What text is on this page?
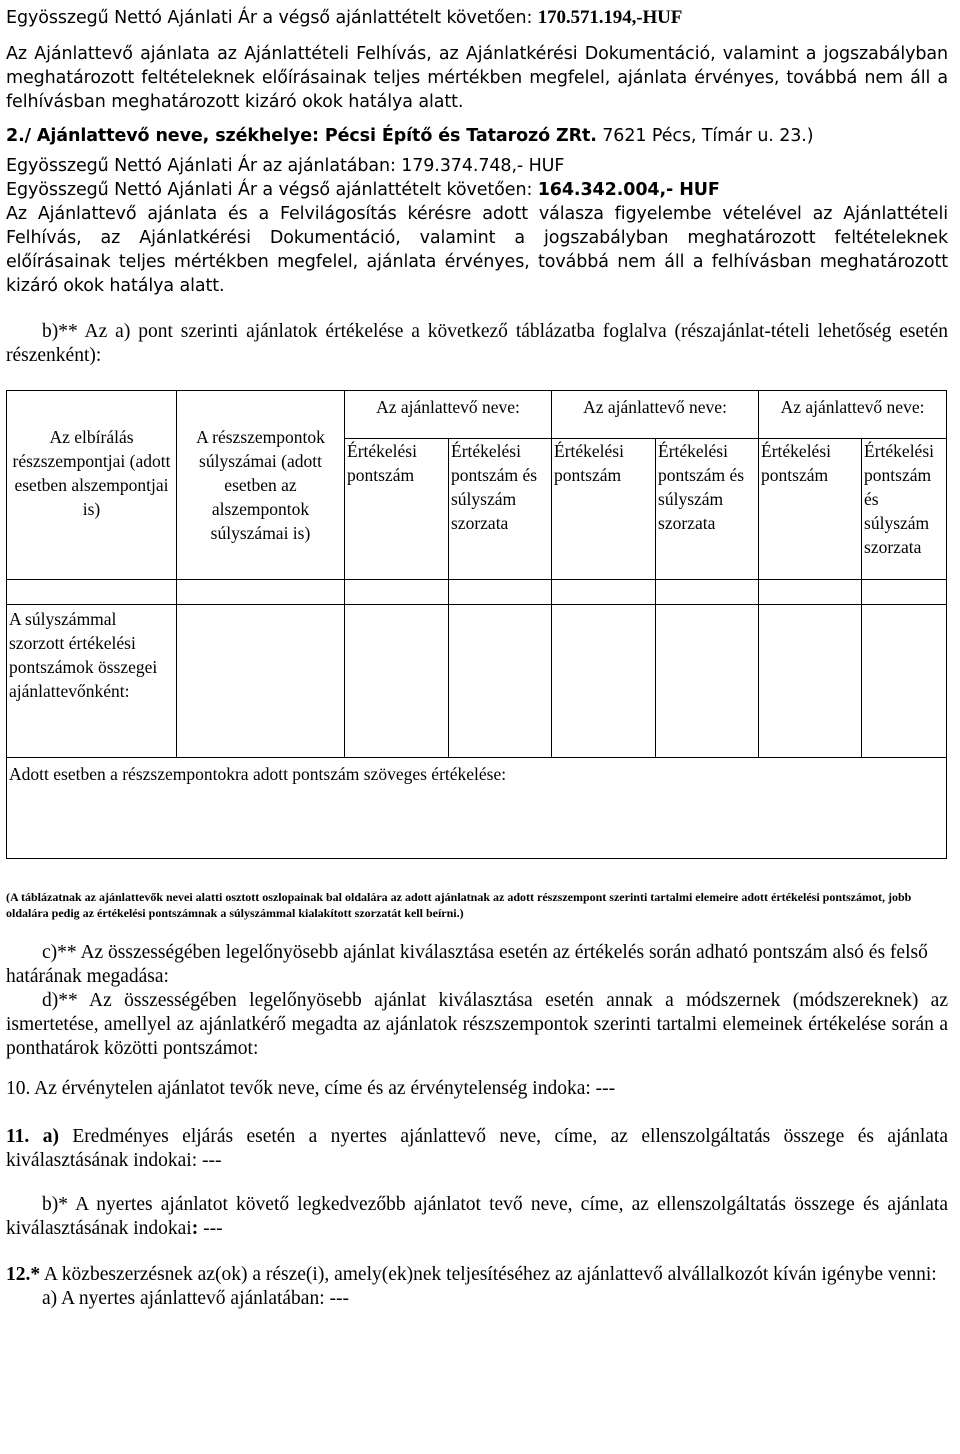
Egyösszegű Nettó Ajánlati Ár a végső ajánlattételt követően: 170.571.194,-HUF

Az Ajánlattevő ajánlata az Ajánlattételi Felhívás, az Ajánlatkérési Dokumentáció, valamint a jogszabályban meghatározott feltételeknek előírásainak teljes mértékben megfelel, ajánlata érvényes, továbbá nem áll a felhívásban meghatározott kizáró okok hatálya alatt.

2./ Ajánlattevő neve, székhelye: Pécsi Építő és Tatarozó ZRt. 7621 Pécs, Tímár u. 23.)

Egyösszegű Nettó Ajánlati Ár az ajánlatában: 179.374.748,- HUF

Egyösszegű Nettó Ajánlati Ár a végső ajánlattételt követően: 164.342.004,- HUF

Az Ajánlattevő ajánlata és a Felvilágosítás kérésre adott válasza figyelembe vételével az Ajánlattételi Felhívás, az Ajánlatkérési Dokumentáció, valamint a jogszabályban meghatározott feltételeknek előírásainak teljes mértékben megfelel, ajánlata érvényes, továbbá nem áll a felhívásban meghatározott kizáró okok hatálya alatt.

b)** Az a) pont szerinti ajánlatok értékelése a következő táblázatba foglalva (részajánlat-tételi lehetőség esetén részenként):

Az elbírálás részszempontjai (adott esetben alszempontjai is)	A részszempontok súlyszámai (adott esetben az alszempontok súlyszámai is)	Az ajánlattevő neve:		Az ajánlattevő neve:		Az ajánlattevő neve:	
		Értékelési pontszám	Értékelési pontszám és súlyszám szorzata	Értékelési pontszám	Értékelési pontszám és súlyszám szorzata	Értékelési pontszám	Értékelési pontszám és súlyszám szorzata

A súlyszámmal szorzott értékelési pontszámok összegei ajánlattevőnként:							
Adott esetben a részszempontokra adott pontszám szöveges értékelése:							

(A táblázatnak az ajánlattevők nevei alatti osztott oszlopainak bal oldalára az adott ajánlatnak az adott részszempont szerinti tartalmi elemeire adott értékelési pontszámot, jobb oldalára pedig az értékelési pontszámnak a súlyszámmal kialakított szorzatát kell beírni.)

c)** Az összességében legelőnyösebb ajánlat kiválasztása esetén az értékelés során adható pontszám alsó és felső határának megadása:

d)** Az összességében legelőnyösebb ajánlat kiválasztása esetén annak a módszernek (módszereknek) az ismertetése, amellyel az ajánlatkérő megadta az ajánlatok részszempontok szerinti tartalmi elemeinek értékelése során a ponthatárok közötti pontszámot:

10. Az érvénytelen ajánlatot tevők neve, címe és az érvénytelenség indoka: ---

11. a) Eredményes eljárás esetén a nyertes ajánlattevő neve, címe, az ellenszolgáltatás összege és ajánlata kiválasztásának indokai: ---

b)* A nyertes ajánlatot követő legkedvezőbb ajánlatot tevő neve, címe, az ellenszolgáltatás összege és ajánlata kiválasztásának indokai: ---

12.* A közbeszerzésnek az(ok) a része(i), amely(ek)nek teljesítéséhez az ajánlattevő alvállalkozót kíván igénybe venni:

a) A nyertes ajánlattevő ajánlatában: ---
